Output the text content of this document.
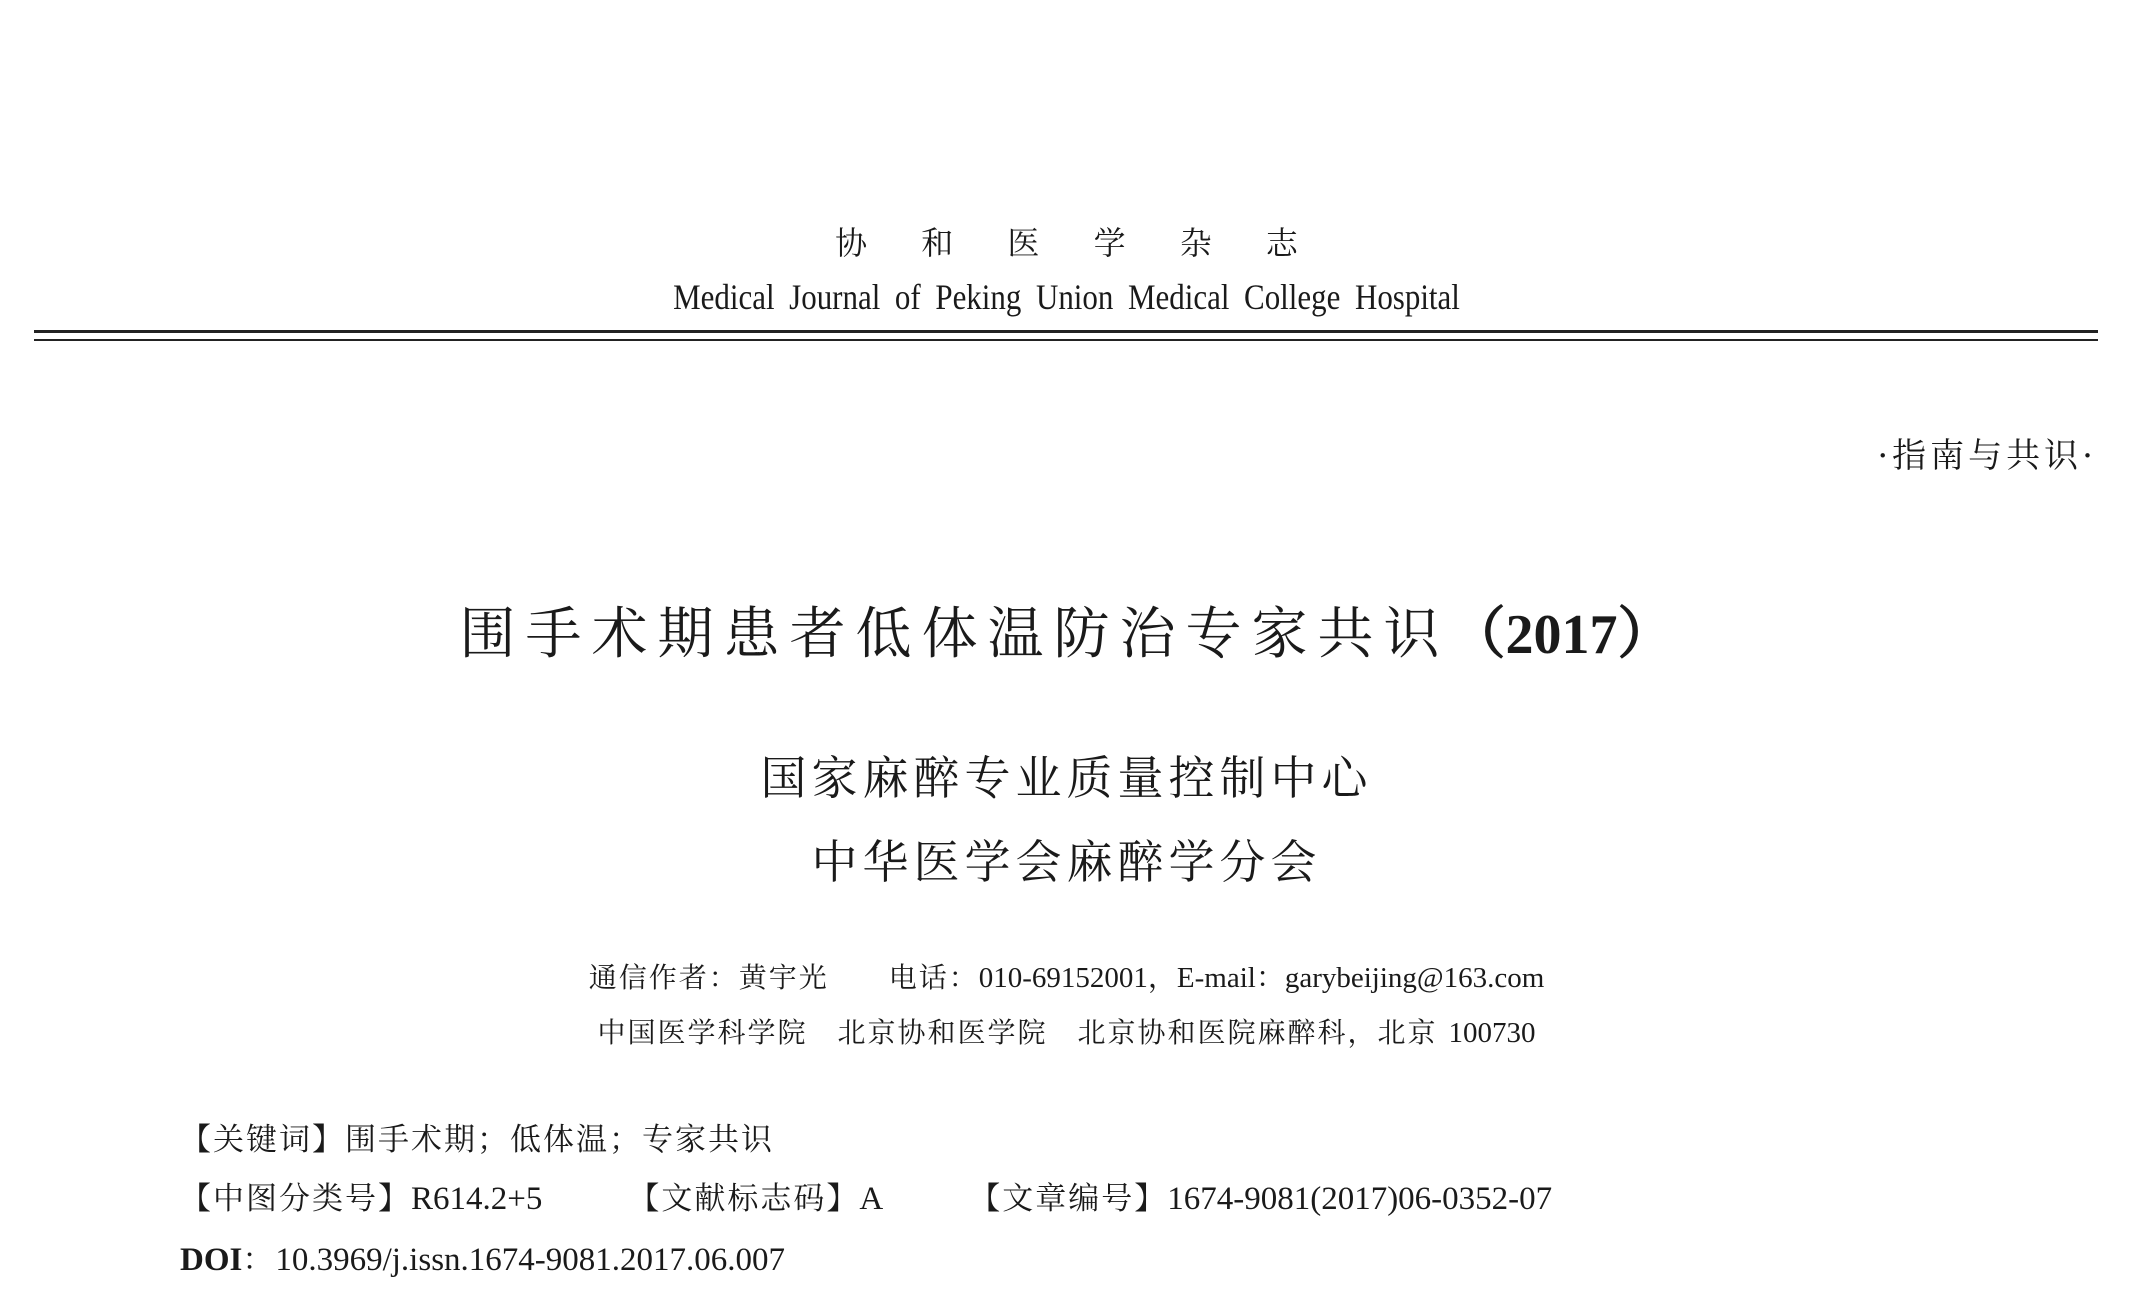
协 和 医 学 杂 志
Medical Journal of Peking Union Medical College Hospital
·指南与共识·
围手术期患者低体温防治专家共识（2017）
国家麻醉专业质量控制中心
中华医学会麻醉学分会
通信作者：黄宇光　　 电话：010-69152001，E-mail：garybeijing@163.com
中国医学科学院　北京协和医学院　北京协和医院麻醉科，北京 100730
【关键词】围手术期；低体温；专家共识
【中图分类号】R614.2+5	【文献标志码】A	【文章编号】1674-9081(2017)06-0352-07
DOI：10.3969/j.issn.1674-9081.2017.06.007
